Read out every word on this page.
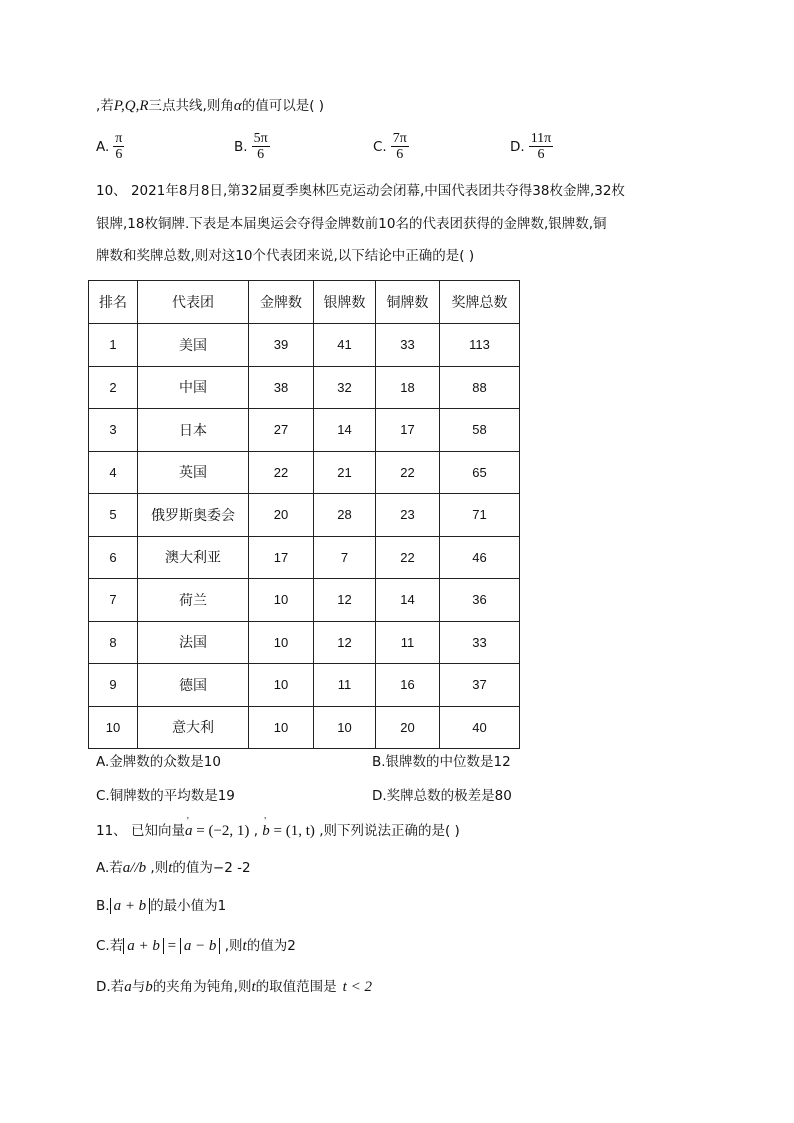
,若P,Q,R三点共线,则角α的值可以是( )
A. $\frac{\pi}{6}$	B. $\frac{5\pi}{6}$	C. $\frac{7\pi}{6}$	D. $\frac{11\pi}{6}$
10、 2021年8月8日,第32届夏季奥林匹克运动会闭幕,中国代表团共夺得38枚金牌,32枚
银牌,18枚铜牌.下表是本届奥运会夺得金牌数前10名的代表团获得的金牌数,银牌数,铜
牌数和奖牌总数,则对这10个代表团来说,以下结论中正确的是( )
排名	代表团	金牌数	银牌数	铜牌数	奖牌总数
1	美国	39	41	33	113
2	中国	38	32	18	88
3	日本	27	14	17	58
4	英国	22	21	22	65
5	俄罗斯奥委会	20	28	23	71
6	澳大利亚	17	7	22	46
7	荷兰	10	12	14	36
8	法国	10	12	11	33
9	德国	10	11	16	37
10	意大利	10	10	20	40
A.金牌数的众数是10	B.银牌数的中位数是12
C.铜牌数的平均数是19	D.奖牌总数的极差是80
11、 已知向量' a = (−2, 1) , ' b = (1, t) ,则下列说法正确的是( )
A.若a//b ,则t的值为−2 -2
B. a + b 的最小值为1
C.若 a + b = a − b ,则t的值为2
D.若a与b的夹角为钝角,则t的取值范围是 t < 2
